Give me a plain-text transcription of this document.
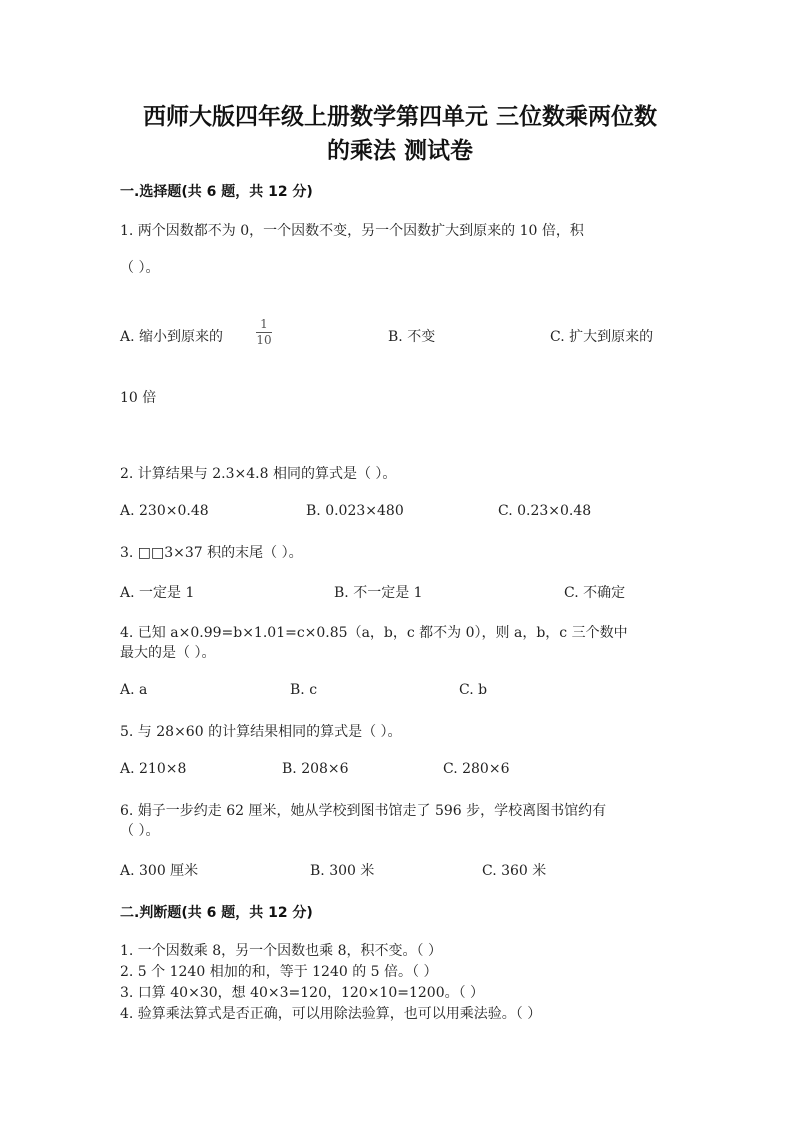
西师大版四年级上册数学第四单元 三位数乘两位数
的乘法 测试卷
一.选择题(共 6 题，共 12 分)
1. 两个因数都不为 0，一个因数不变，另一个因数扩大到原来的 10 倍，积
（ ）。
A. 缩小到原来的
1
10	B. 不变	C. 扩大到原来的
10 倍
2. 计算结果与 2.3×4.8 相同的算式是（ ）。
A. 230×0.48	B. 0.023×480	C. 0.23×0.48
3. □□3×37 积的末尾（ ）。
A. 一定是 1	B. 不一定是 1	C. 不确定
4. 已知 a×0.99=b×1.01=c×0.85（a，b，c 都不为 0），则 a，b，c 三个数中
最大的是（ ）。
A. a	B. c	C. b
5. 与 28×60 的计算结果相同的算式是（ ）。
A. 210×8	B. 208×6	C. 280×6
6. 娟子一步约走 62 厘米，她从学校到图书馆走了 596 步，学校离图书馆约有
（ ）。
A. 300 厘米	B. 300 米	C. 360 米
二.判断题(共 6 题，共 12 分)
1. 一个因数乘 8，另一个因数也乘 8，积不变。（ ）
2. 5 个 1240 相加的和，等于 1240 的 5 倍。（ ）
3. 口算 40×30，想 40×3=120，120×10=1200。（ ）
4. 验算乘法算式是否正确，可以用除法验算，也可以用乘法验。（ ）
